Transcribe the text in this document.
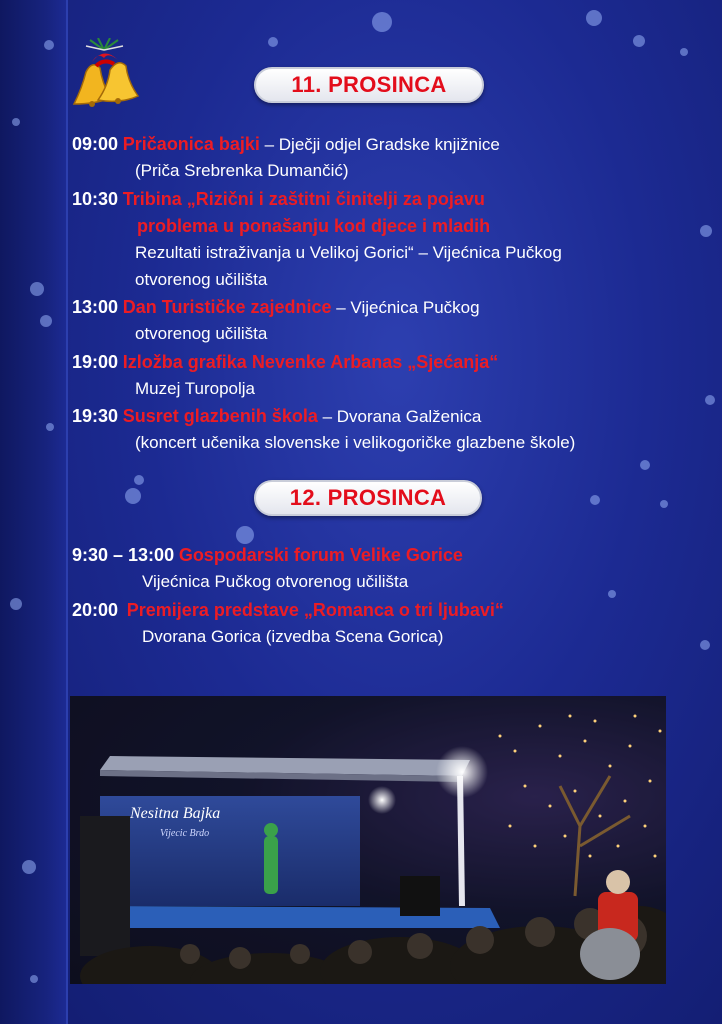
11. PROSINCA
09:00 Pričaonica bajki – Dječji odjel Gradske knjižnice
(Priča Srebrenka Dumančić)
10:30 Tribina „Rizični i zaštitni činitelji za pojavu
problema u ponašanju kod djece i mladih
Rezultati istraživanja u Velikoj Gorici“ – Vijećnica Pučkog
otvorenog učilišta
13:00 Dan Turističke zajednice – Vijećnica Pučkog
otvorenog učilišta
19:00 Izložba grafika Nevenke Arbanas „Sjećanja“
Muzej Turopolja
19:30 Susret glazbenih škola – Dvorana Galženica
(koncert učenika slovenske i velikogoričke glazbene škole)
12. PROSINCA
9:30 – 13:00 Gospodarski forum Velike Gorice
Vijećnica Pučkog otvorenog učilišta
20:00 Premijera predstave „Romanca o tri ljubavi“
Dvorana Gorica (izvedba Scena Gorica)
Nesitna Bajka
Vijecic Brdo
